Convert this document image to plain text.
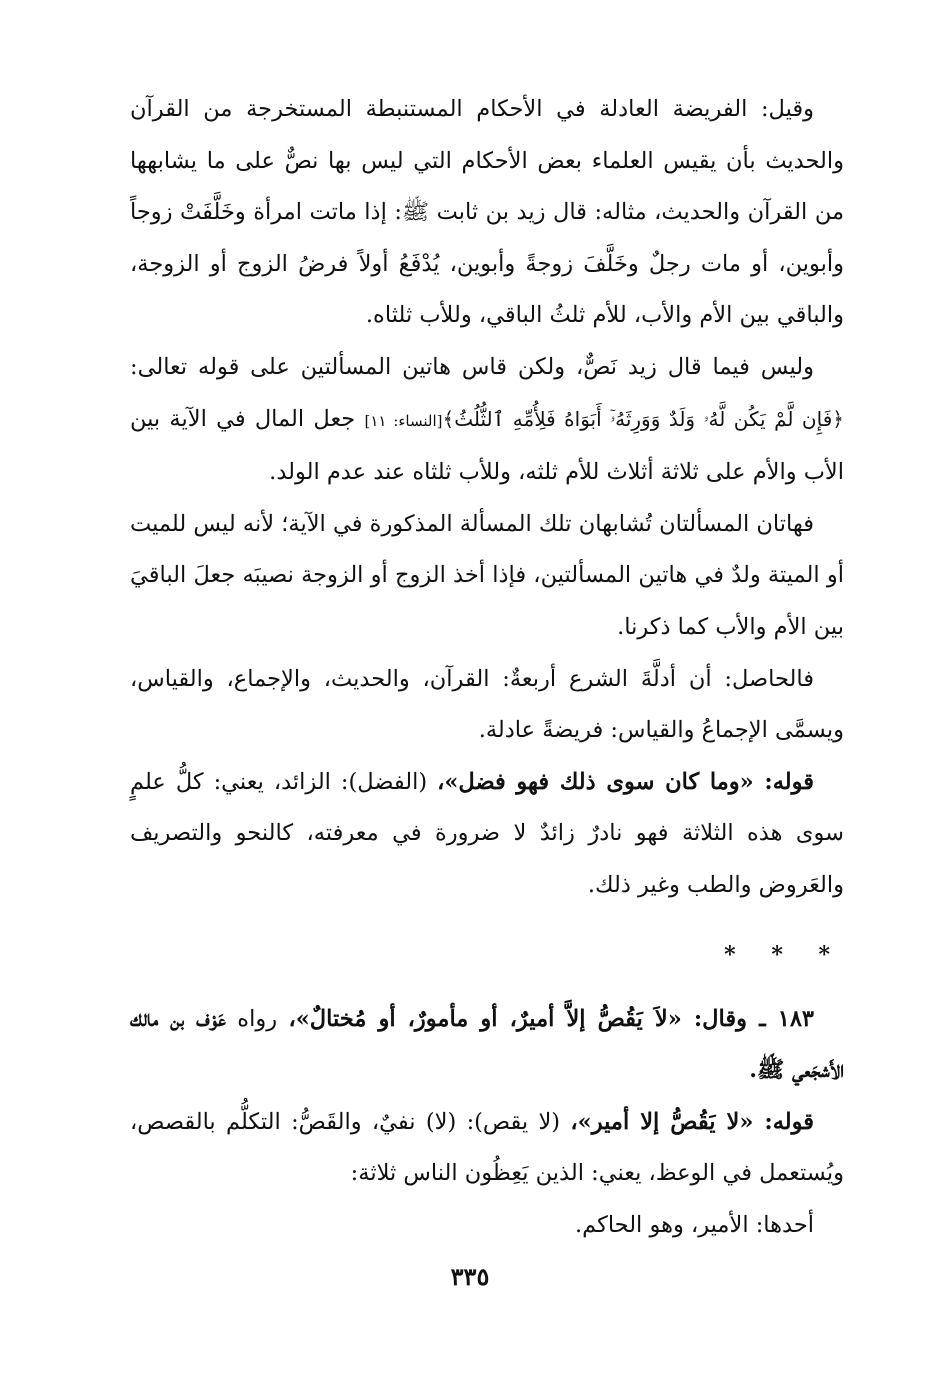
وقيل: الفريضة العادلة في الأحكام المستنبطة المستخرجة من القرآن والحديث بأن يقيس العلماء بعض الأحكام التي ليس بها نصٌّ على ما يشابهها من القرآن والحديث، مثاله: قال زيد بن ثابت ﷺ: إذا ماتت امرأة وخَلَّفَتْ زوجاً وأبوين، أو مات رجلٌ وخَلَّفَ زوجةً وأبوين، يُدْفَعُ أولاً فرضُ الزوج أو الزوجة، والباقي بين الأم والأب، للأم ثلثُ الباقي، وللأب ثلثاه.

وليس فيما قال زيد نَصٌّ، ولكن قاس هاتين المسألتين على قوله تعالى: ﴿فَإِن لَّمْ يَكُن لَّهُۥ وَلَدٌ وَوَرِثَهُۥٓ أَبَوَاهُ فَلِأُمِّهِ ٱلثُّلُثُ﴾[النساء: ١١] جعل المال في الآية بين الأب والأم على ثلاثة أثلاث للأم ثلثه، وللأب ثلثاه عند عدم الولد.

فهاتان المسألتان تُشابهان تلك المسألة المذكورة في الآية؛ لأنه ليس للميت أو الميتة ولدٌ في هاتين المسألتين، فإذا أخذ الزوج أو الزوجة نصيبَه جعلَ الباقيَ بين الأم والأب كما ذكرنا.

فالحاصل: أن أدلَّةَ الشرع أربعةٌ: القرآن، والحديث، والإجماع، والقياس، ويسمَّى الإجماعُ والقياس: فريضةً عادلة.

قوله: «وما كان سوى ذلك فهو فضل»، (الفضل): الزائد، يعني: كلُّ علمٍ سوى هذه الثلاثة فهو نادرٌ زائدٌ لا ضرورة في معرفته، كالنحو والتصريف والعَروض والطب وغير ذلك.

* * *

١٨٣ ـ وقال: «لاَ يَقُصُّ إلاَّ أميرٌ، أو مأمورٌ، أو مُختالٌ»، رواه عَوْف بن مالك الأَشجَعي ﷺ.

قوله: «لا يَقُصُّ إلا أمير»، (لا يقص): (لا) نفيٌ، والقَصُّ: التكلُّم بالقصص، ويُستعمل في الوعظ، يعني: الذين يَعِظُون الناس ثلاثة:

أحدها: الأمير، وهو الحاكم.

٣٣٥
